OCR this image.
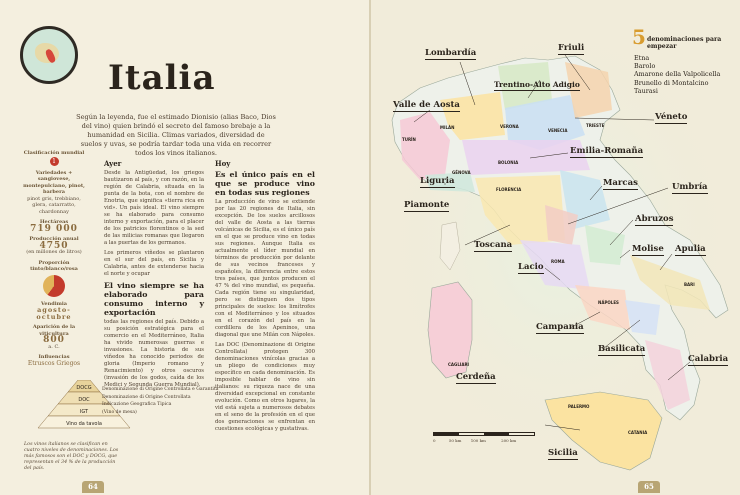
Italia
Según la leyenda, fue el estimado Dionisio (alias Baco, Dios del vino) quien brindó el secreto del famoso brebaje a la humanidad en Sicilia. Climas variados, diversidad de suelos y uvas, se podría tardar toda una vida en recorrer todos los vinos italianos.
Clasificación mundial
1
Variedades + sangiovese, montepulciano, pinot, barbera
pinot gris, trebbiano, glera, catarratto, chardonnay
Hectáreas
719 000
Producción anual
4750
(en millones de litros)
Proporción tinto/blanco/rosa
Vendimia
agosto-octubre
Aparición de la viticultura
800
a. C.
Influencias
Etruscos Griegos
Ayer

Desde la Antigüedad, los griegos bautizaron al país, y con razón, en la región de Calabria, situada en la punta de la bota, con el nombre de Enotria, que significa «tierra rica en vid». Un país ideal. El vino siempre se ha elaborado para consumo interno y exportación, para el placer de los patricios florentinos o la sed de las milicias romanas que llegaron a las puertas de los germanos.

Los primeros viñedos se plantaron en el sur del país, en Sicilia y Calabria, antes de extenderse hacia el norte y ocupar

El vino siempre se ha elaborado para consumo interno y exportación

todas las regiones del país. Debido a su posición estratégica para el comercio en el Mediterráneo, Italia ha vivido numerosas guerras e invasiones. La historia de sus viñedos ha conocido periodos de gloria (Imperio romano y Renacimiento) y otros oscuros (invasión de los godos, caída de los Medici y Segunda Guerra Mundial).

Hoy
Es el único país en el que se produce vino en todas sus regiones

La producción de vino se extiende por las 20 regiones de Italia, sin excepción. De los suelos arcillosos del valle de Aosta a las tierras volcánicas de Sicilia, es el único país en el que se produce vino en todas sus regiones. Aunque Italia es actualmente el líder mundial en términos de producción por delante de sus vecinos franceses y españoles, la diferencia entre estos tres países, que juntos producen el 47 % del vino mundial, es pequeña. Cada región tiene su singularidad, pero se distinguen dos tipos principales de suelos: los limítrofes con el Mediterráneo y los situados en el corazón del país en la cordillera de los Apeninos, una diagonal que une Milán con Nápoles.

Las DOC (Denominazione di Origine Controllata) protegen 300 denominaciones vinícolas gracias a un pliego de condiciones muy específico en cada denominación. Es imposible hablar de vino sin italianos: su riqueza nace de una diversidad excepcional en constante evolución. Como en otros lugares, la vid está sujeta a numerosos debates en el seno de la profesión en el que dos generaciones se enfrentan en cuestiones ecológicas y gustativas.

DOCG
DOC
IGT
Vino da tavola
Denominazione di Origine Controllata e Garantita
Denominazione di Origine Controllata
Indicazione Geografica Tipica
(Vino de mesa)
Los vinos italianos se clasifican en cuatro niveles de denominaciones. Los más famosos son el DOC y DOCG, que representan el 34 % de la producción del país.
64	65
5 denominaciones para empezar
Etna
Barolo
Amarone della Valpolicella
Brunello di Montalcino
Taurasi
Lombardía	Friuli
Trentino-Alto Adigio
Valle de Aosta
Véneto
Emilia-Romaña
Liguria
Piamonte
Marcas	Umbría
Abruzos
Toscana	Molise Apulia
Lacio
Campania
Basilicata
Calabria
Cerdeña
Sicilia
TURÍN
MILÁN	VERONA
VENECIA
TRIESTE
BOLONIA
GÉNOVA
FLORENCIA
ROMA
NÁPOLES
BARI
PALERMO
CATANIA
CAGLIARI
0	50 km 100 km	200 km
